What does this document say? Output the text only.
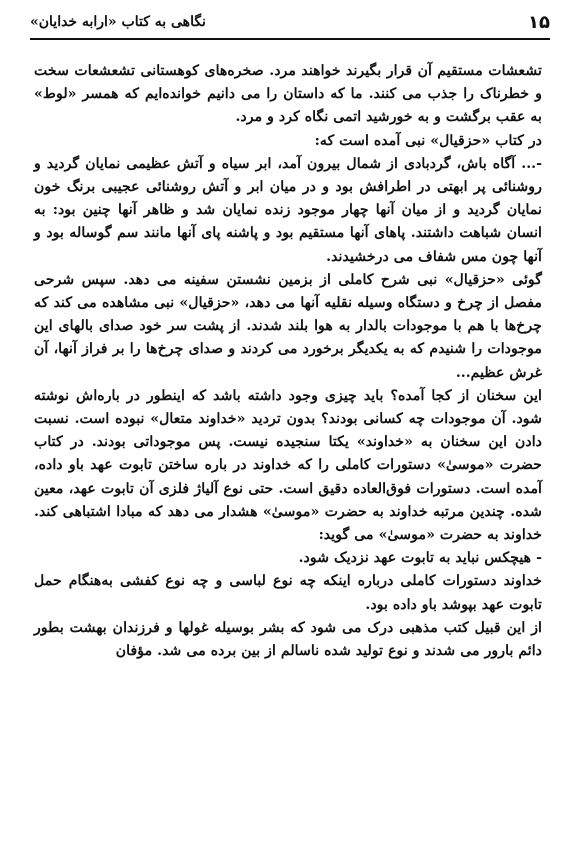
۱۵
نگاهی به کتاب «ارابه خدایان»

تشعشات مستقیم آن قرار بگیرند خواهند مرد. صخره‌های کوهستانی تشعشعات سخت و خطرناک را جذب می کنند. ما که داستان را می دانیم خوانده‌ایم که همسر «لوط» به عقب برگشت و به خورشید اتمی نگاه کرد و مرد.

در کتاب «حزقیال» نبی آمده است که:

-... آگاه باش، گردبادی از شمال بیرون آمد، ابر سیاه و آتش عظیمی نمایان گردید و روشنائی پر ابهتی در اطرافش بود و در میان ابر و آتش روشنائی عجیبی برنگ خون نمایان گردید و از میان آنها چهار موجود زنده نمایان شد و ظاهر آنها چنین بود: به انسان شباهت داشتند. پاهای آنها مستقیم بود و پاشنه پای آنها مانند سم گوساله بود و آنها چون مس شفاف می درخشیدند.

گوئی «حزقیال» نبی شرح کاملی از بزمین نشستن سفینه می دهد. سپس شرحی مفصل از چرخ و دستگاه وسیله نقلیه آنها می دهد، «حزقیال» نبی مشاهده می کند که چرخ‌ها با هم با موجودات بالدار به هوا بلند شدند. از پشت سر خود صدای بالهای این موجودات را شنیدم که به یکدیگر برخورد می کردند و صدای چرخ‌ها را بر فراز آنها، آن غرش عظیم...

این سخنان از کجا آمده؟ باید چیزی وجود داشته باشد که اینطور در باره‌اش نوشته شود. آن موجودات چه کسانی بودند؟ بدون تردید «خداوند متعال» نبوده است. نسبت دادن این سخنان به «خداوند» یکتا سنجیده نیست. پس موجوداتی بودند. در کتاب حضرت «موسیٰ» دستورات کاملی را که خداوند در باره ساختن تابوت عهد باو داده، آمده است. دستورات فوق‌العاده دقیق است. حتی نوع آلیاژ فلزی آن تابوت عهد، معین شده. چندین مرتبه خداوند به حضرت «موسیٰ» هشدار می دهد که مبادا اشتباهی کند. خداوند به حضرت «موسیٰ» می گوید:

- هیچکس نباید به تابوت عهد نزدیک شود.

خداوند دستورات کاملی درباره اینکه چه نوع لباسی و چه نوع کفشی به‌هنگام حمل تابوت عهد بپوشد باو داده بود.

از این قبیل کتب مذهبی درک می شود که بشر بوسیله غولها و فرزندان بهشت بطور دائم بارور می شدند و نوع تولید شده ناسالم از بین برده می شد. مؤفان
